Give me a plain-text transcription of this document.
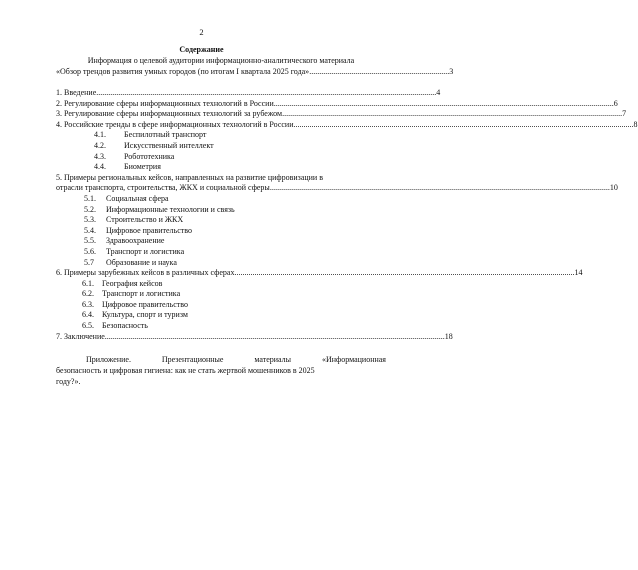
2
Содержание
Информация о целевой аудитории информационно-аналитического материала
«Обзор трендов развития умных городов (по итогам I квартала 2025 года» ...................................................................... 3
1. Введение .......................................................................................................................................................................... 4
2. Регулирование сферы информационных технологий в России .......................................................................................................................................................................... 6
3. Регулирование сферы информационных технологий за рубежом .......................................................................................................................................................................... 7
4. Российские тренды в сфере информационных технологий в России .......................................................................................................................................................................... 8
4.1. Беспилотный транспорт
4.2. Искусственный интеллект
4.3. Робототехника
4.4. Биометрия
5. Примеры региональных кейсов, направленных на развитие цифровизации в
отрасли транспорта, строительства, ЖКХ и социальной сферы .......................................................................................................................................................................... 10
5.1. Социальная сфера
5.2. Информационные технологии и связь
5.3. Строительство и ЖКХ
5.4. Цифровое правительство
5.5. Здравоохранение
5.6. Транспорт и логистика
5.7 Образование и наука
6. Примеры зарубежных кейсов в различных сферах .......................................................................................................................................................................... 14
6.1. География кейсов
6.2. Транспорт и логистика
6.3. Цифровое правительство
6.4. Культура, спорт и туризм
6.5. Безопасность
7. Заключение .......................................................................................................................................................................... 18
Приложение.	Презентационные	материалы	«Информационная
безопасность и цифровая гигиена: как не стать жертвой мошенников в 2025
году?».
